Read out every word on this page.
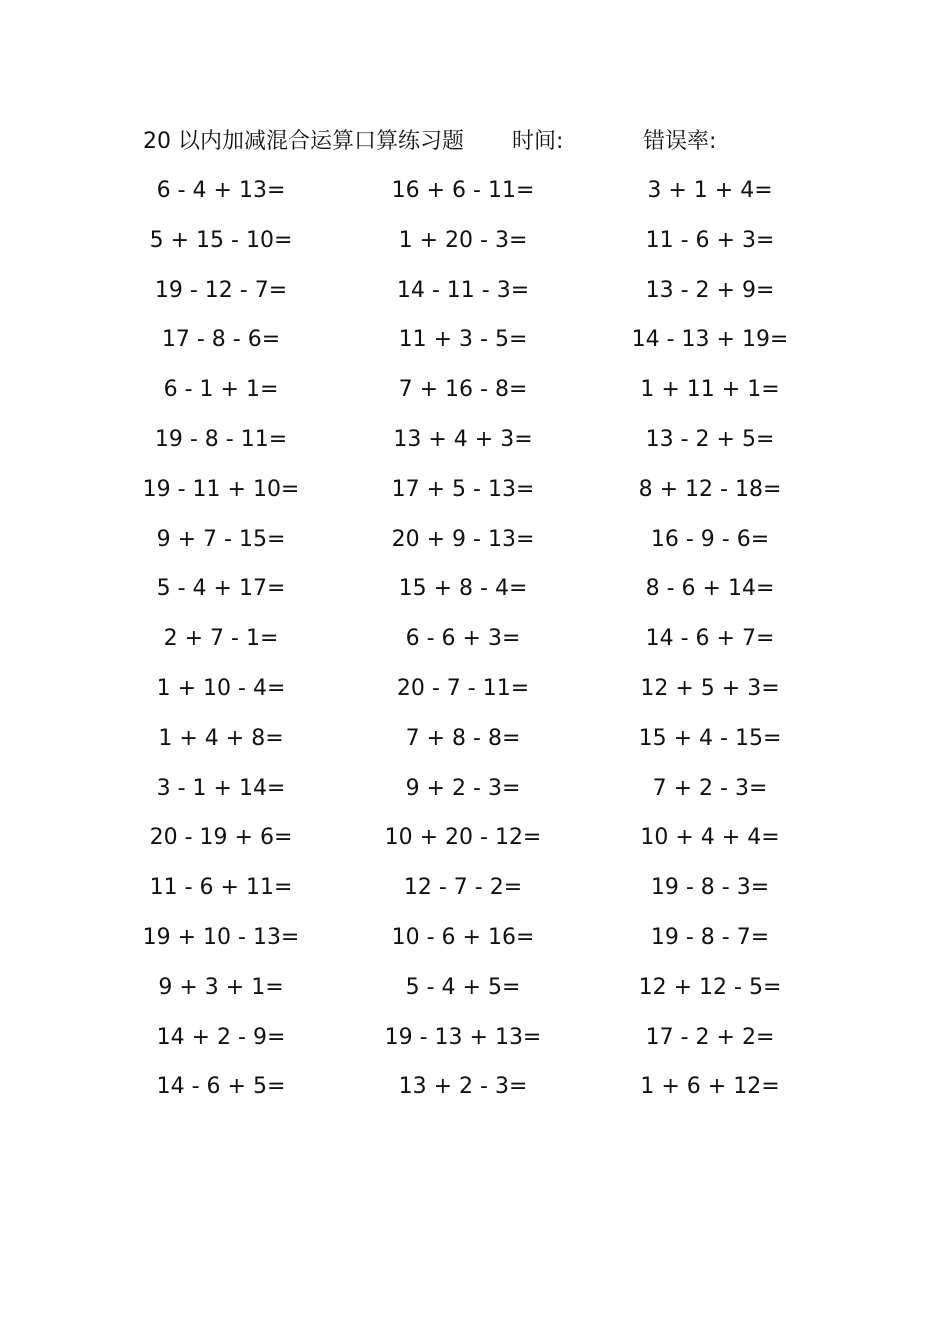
20 以内加减混合运算口算练习题 时间:	错误率:
6 - 4 + 13=	16 + 6 - 11=	3 + 1 + 4=
5 + 15 - 10=	1 + 20 - 3=	11 - 6 + 3=
19 - 12 - 7=	14 - 11 - 3=	13 - 2 + 9=
17 - 8 - 6=	11 + 3 - 5=	14 - 13 + 19=
6 - 1 + 1=	7 + 16 - 8=	1 + 11 + 1=
19 - 8 - 11=	13 + 4 + 3=	13 - 2 + 5=
19 - 11 + 10=	17 + 5 - 13=	8 + 12 - 18=
9 + 7 - 15=	20 + 9 - 13=	16 - 9 - 6=
5 - 4 + 17=	15 + 8 - 4=	8 - 6 + 14=
2 + 7 - 1=	6 - 6 + 3=	14 - 6 + 7=
1 + 10 - 4=	20 - 7 - 11=	12 + 5 + 3=
1 + 4 + 8=	7 + 8 - 8=	15 + 4 - 15=
3 - 1 + 14=	9 + 2 - 3=	7 + 2 - 3=
20 - 19 + 6=	10 + 20 - 12=	10 + 4 + 4=
11 - 6 + 11=	12 - 7 - 2=	19 - 8 - 3=
19 + 10 - 13=	10 - 6 + 16=	19 - 8 - 7=
9 + 3 + 1=	5 - 4 + 5=	12 + 12 - 5=
14 + 2 - 9=	19 - 13 + 13=	17 - 2 + 2=
14 - 6 + 5=	13 + 2 - 3=	1 + 6 + 12=
